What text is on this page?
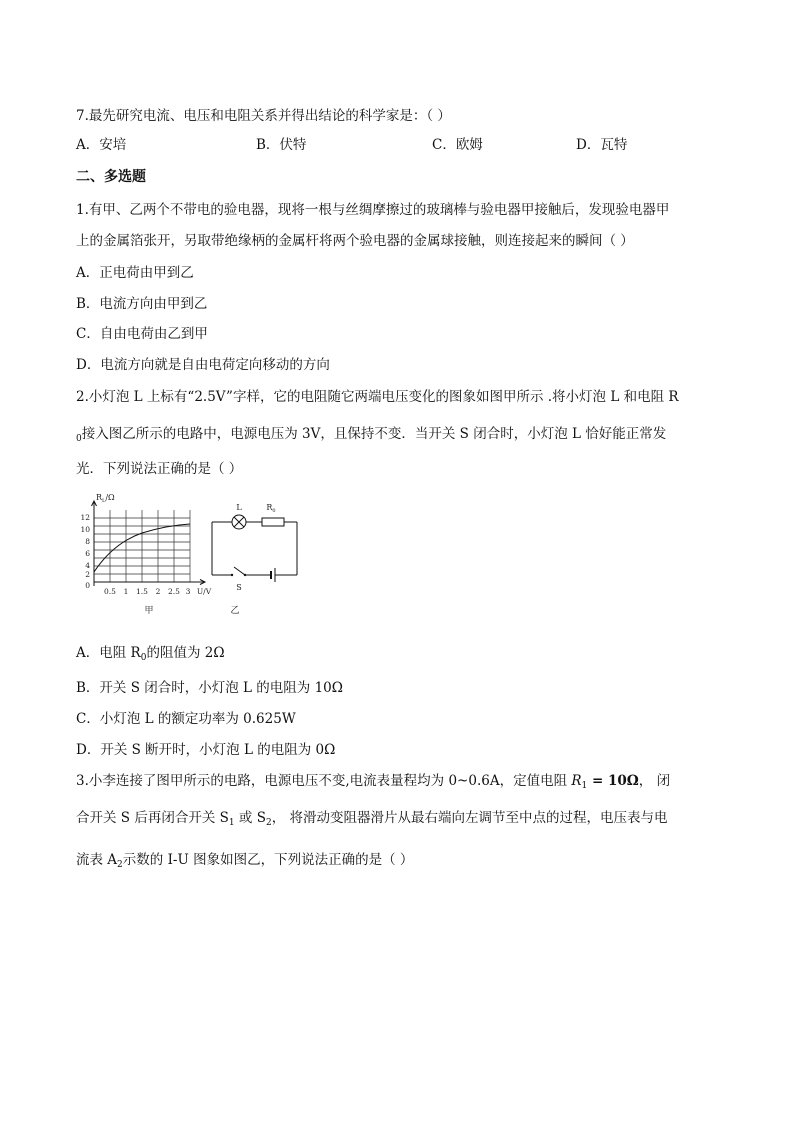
7.最先研究电流、电压和电阻关系并得出结论的科学家是：（ ）
A．安培	B．伏特	C．欧姆	D．瓦特
二、多选题
1.有甲、乙两个不带电的验电器，现将一根与丝绸摩擦过的玻璃棒与验电器甲接触后，发现验电器甲
上的金属箔张开，另取带绝缘柄的金属杆将两个验电器的金属球接触，则连接起来的瞬间（ ）
A．正电荷由甲到乙
B．电流方向由甲到乙
C．自由电荷由乙到甲
D．电流方向就是自由电荷定向移动的方向
2.小灯泡 L 上标有“2.5V”字样，它的电阻随它两端电压变化的图象如图甲所示 .将小灯泡 L 和电阻 R
$_0$接入图乙所示的电路中，电源电压为 3V，且保持不变．当开关 S 闭合时，小灯泡 L 恰好能正常发
光．下列说法正确的是（ ）
$R_L/\Omega$
12
10
8
6
4
2
0
0.5 1 1.5 2 2.5 3 U/V
甲
L	$R_0$
S
乙
A．电阻 $R_0$的阻值为 2Ω
B．开关 S 闭合时，小灯泡 L 的电阻为 10Ω
C．小灯泡 L 的额定功率为 0.625W
D．开关 S 断开时，小灯泡 L 的电阻为 0Ω
3.小李连接了图甲所示的电路，电源电压不变,电流表量程均为 0~0.6A，定值电阻 $R_1 = 10\Omega$， 闭
合开关 S 后再闭合开关 $S_1$ 或 $S_2$， 将滑动变阻器滑片从最右端向左调节至中点的过程，电压表与电
流表 $A_2$示数的 I-U 图象如图乙，下列说法正确的是（ ）
